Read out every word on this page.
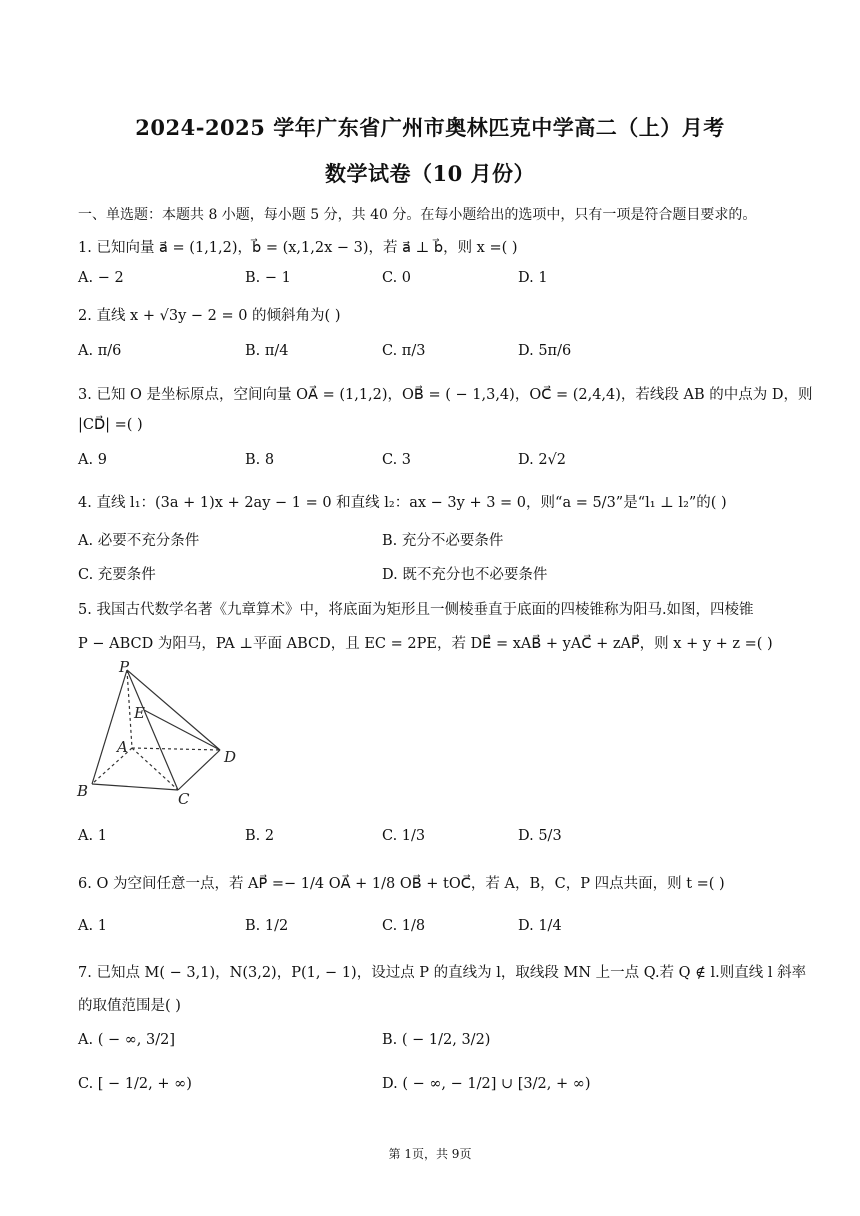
2024-2025 学年广东省广州市奥林匹克中学高二（上）月考
数学试卷（10 月份）
一、单选题：本题共 8 小题，每小题 5 分，共 40 分。在每小题给出的选项中，只有一项是符合题目要求的。
1. 已知向量 a⃗ = (1,1,2)，b⃗ = (x,1,2x − 3)，若 a⃗ ⊥ b⃗，则 x =( )
A. − 2	B. − 1	C. 0	D. 1
2. 直线 x + √3y − 2 = 0 的倾斜角为( )
A. π/6	B. π/4	C. π/3	D. 5π/6
3. 已知 O 是坐标原点，空间向量 OA⃗ = (1,1,2)，OB⃗ = ( − 1,3,4)，OC⃗ = (2,4,4)，若线段 AB 的中点为 D，则
|CD⃗| =( )
A. 9	B. 8	C. 3	D. 2√2
4. 直线 l₁：(3a + 1)x + 2ay − 1 = 0 和直线 l₂：ax − 3y + 3 = 0，则“a = 5/3”是“l₁ ⊥ l₂”的( )
A. 必要不充分条件	B. 充分不必要条件
C. 充要条件	D. 既不充分也不必要条件
5. 我国古代数学名著《九章算术》中，将底面为矩形且一侧棱垂直于底面的四棱锥称为阳马.如图，四棱锥
P − ABCD 为阳马，PA ⊥平面 ABCD，且 EC = 2PE，若 DE⃗ = xAB⃗ + yAC⃗ + zAP⃗，则 x + y + z =( )
P
E
A
D
B	C
A. 1	B. 2	C. 1/3	D. 5/3
6. O 为空间任意一点，若 AP⃗ =− 1/4 OA⃗ + 1/8 OB⃗ + tOC⃗，若 A，B，C，P 四点共面，则 t =( )
A. 1	B. 1/2	C. 1/8	D. 1/4
7. 已知点 M( − 3,1)，N(3,2)，P(1, − 1)，设过点 P 的直线为 l，取线段 MN 上一点 Q.若 Q ∉ l.则直线 l 斜率
的取值范围是( )
A. ( − ∞, 3/2]	B. ( − 1/2, 3/2)
C. [ − 1/2, + ∞)	D. ( − ∞, − 1/2] ∪ [3/2, + ∞)
第 1页，共 9页
